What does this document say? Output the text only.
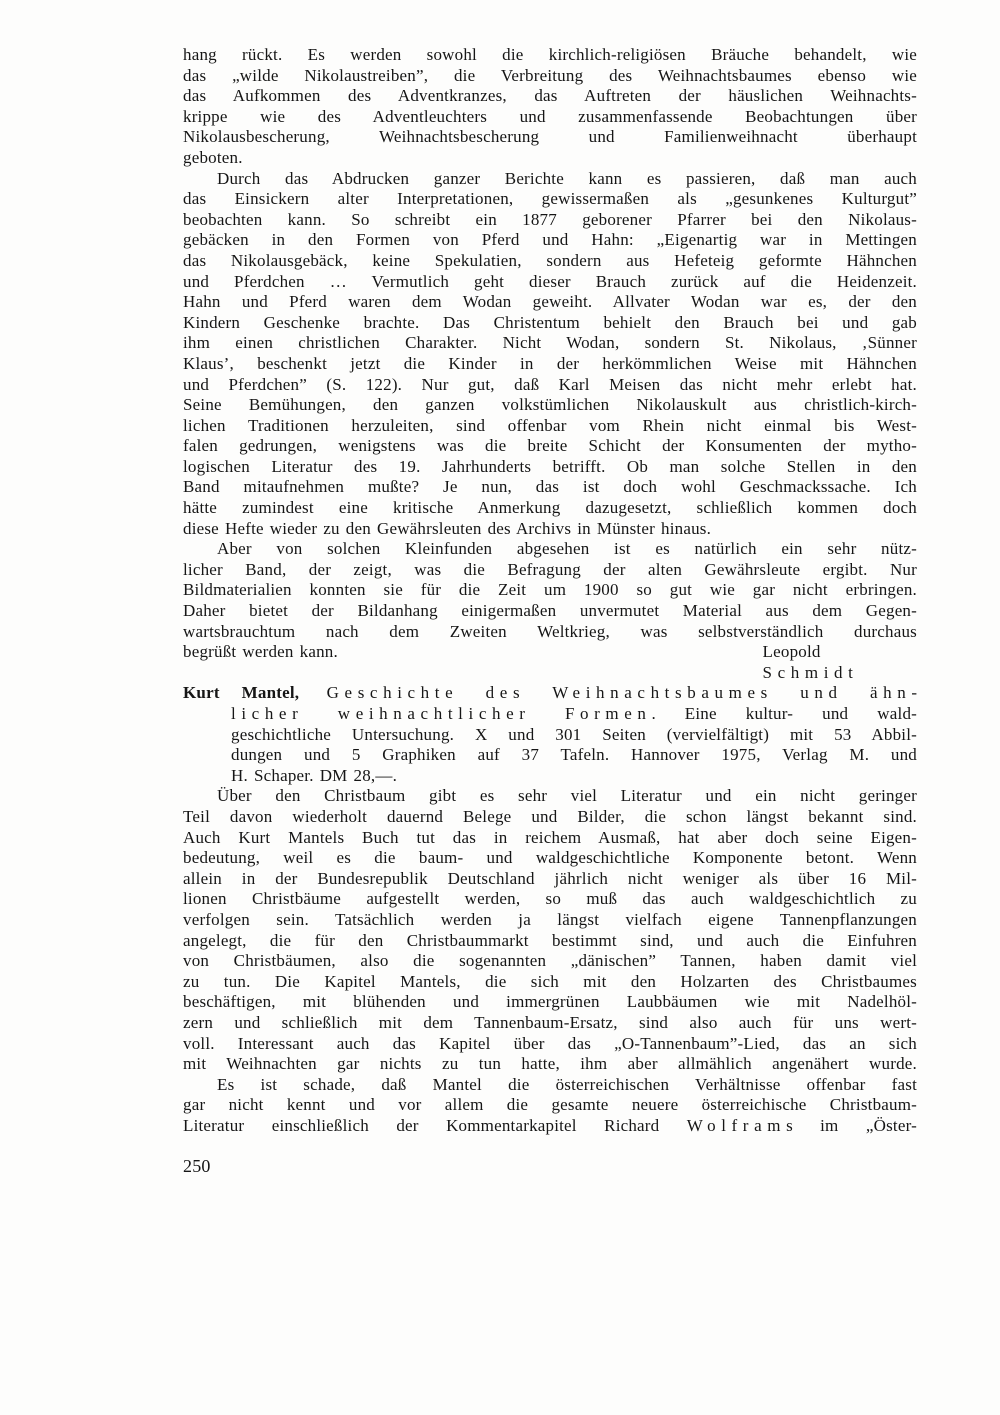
hang rückt. Es werden sowohl die kirchlich-religiösen Bräuche behandelt, wie
das „wilde Nikolaustreiben”, die Verbreitung des Weihnachtsbaumes ebenso wie
das Aufkommen des Adventkranzes, das Auftreten der häuslichen Weihnachts-
krippe wie des Adventleuchters und zusammenfassende Beobachtungen über
Nikolausbescherung, Weihnachtsbescherung und Familienweihnacht überhaupt
geboten.
Durch das Abdrucken ganzer Berichte kann es passieren, daß man auch
das Einsickern alter Interpretationen, gewissermaßen als „gesunkenes Kulturgut”
beobachten kann. So schreibt ein 1877 geborener Pfarrer bei den Nikolaus-
gebäcken in den Formen von Pferd und Hahn: „Eigenartig war in Mettingen
das Nikolausgebäck, keine Spekulatien, sondern aus Hefeteig geformte Hähnchen
und Pferdchen … Vermutlich geht dieser Brauch zurück auf die Heidenzeit.
Hahn und Pferd waren dem Wodan geweiht. Allvater Wodan war es, der den
Kindern Geschenke brachte. Das Christentum behielt den Brauch bei und gab
ihm einen christlichen Charakter. Nicht Wodan, sondern St. Nikolaus, ‚Sünner
Klaus’, beschenkt jetzt die Kinder in der herkömmlichen Weise mit Hähnchen
und Pferdchen” (S. 122). Nur gut, daß Karl Meisen das nicht mehr erlebt hat.
Seine Bemühungen, den ganzen volkstümlichen Nikolauskult aus christlich-kirch-
lichen Traditionen herzuleiten, sind offenbar vom Rhein nicht einmal bis West-
falen gedrungen, wenigstens was die breite Schicht der Konsumenten der mytho-
logischen Literatur des 19. Jahrhunderts betrifft. Ob man solche Stellen in den
Band mitaufnehmen mußte? Je nun, das ist doch wohl Geschmackssache. Ich
hätte zumindest eine kritische Anmerkung dazugesetzt, schließlich kommen doch
diese Hefte wieder zu den Gewährsleuten des Archivs in Münster hinaus.
Aber von solchen Kleinfunden abgesehen ist es natürlich ein sehr nütz-
licher Band, der zeigt, was die Befragung der alten Gewährsleute ergibt. Nur
Bildmaterialien konnten sie für die Zeit um 1900 so gut wie gar nicht erbringen.
Daher bietet der Bildanhang einigermaßen unvermutet Material aus dem Gegen-
wartsbrauchtum nach dem Zweiten Weltkrieg, was selbstverständlich durchaus
begrüßt werden kann.	Leopold Schmidt
Kurt Mantel, Geschichte des Weihnachtsbaumes und ähn-
licher weihnachtlicher Formen. Eine kultur- und wald-
geschichtliche Untersuchung. X und 301 Seiten (vervielfältigt) mit 53 Abbil-
dungen und 5 Graphiken auf 37 Tafeln. Hannover 1975, Verlag M. und
H. Schaper. DM 28,—.
Über den Christbaum gibt es sehr viel Literatur und ein nicht geringer
Teil davon wiederholt dauernd Belege und Bilder, die schon längst bekannt sind.
Auch Kurt Mantels Buch tut das in reichem Ausmaß, hat aber doch seine Eigen-
bedeutung, weil es die baum- und waldgeschichtliche Komponente betont. Wenn
allein in der Bundesrepublik Deutschland jährlich nicht weniger als über 16 Mil-
lionen Christbäume aufgestellt werden, so muß das auch waldgeschichtlich zu
verfolgen sein. Tatsächlich werden ja längst vielfach eigene Tannenpflanzungen
angelegt, die für den Christbaummarkt bestimmt sind, und auch die Einfuhren
von Christbäumen, also die sogenannten „dänischen” Tannen, haben damit viel
zu tun. Die Kapitel Mantels, die sich mit den Holzarten des Christbaumes
beschäftigen, mit blühenden und immergrünen Laubbäumen wie mit Nadelhöl-
zern und schließlich mit dem Tannenbaum-Ersatz, sind also auch für uns wert-
voll. Interessant auch das Kapitel über das „O-Tannenbaum”-Lied, das an sich
mit Weihnachten gar nichts zu tun hatte, ihm aber allmählich angenähert wurde.
Es ist schade, daß Mantel die österreichischen Verhältnisse offenbar fast
gar nicht kennt und vor allem die gesamte neuere österreichische Christbaum-
Literatur einschließlich der Kommentarkapitel Richard Wolframs im „Öster-
250
